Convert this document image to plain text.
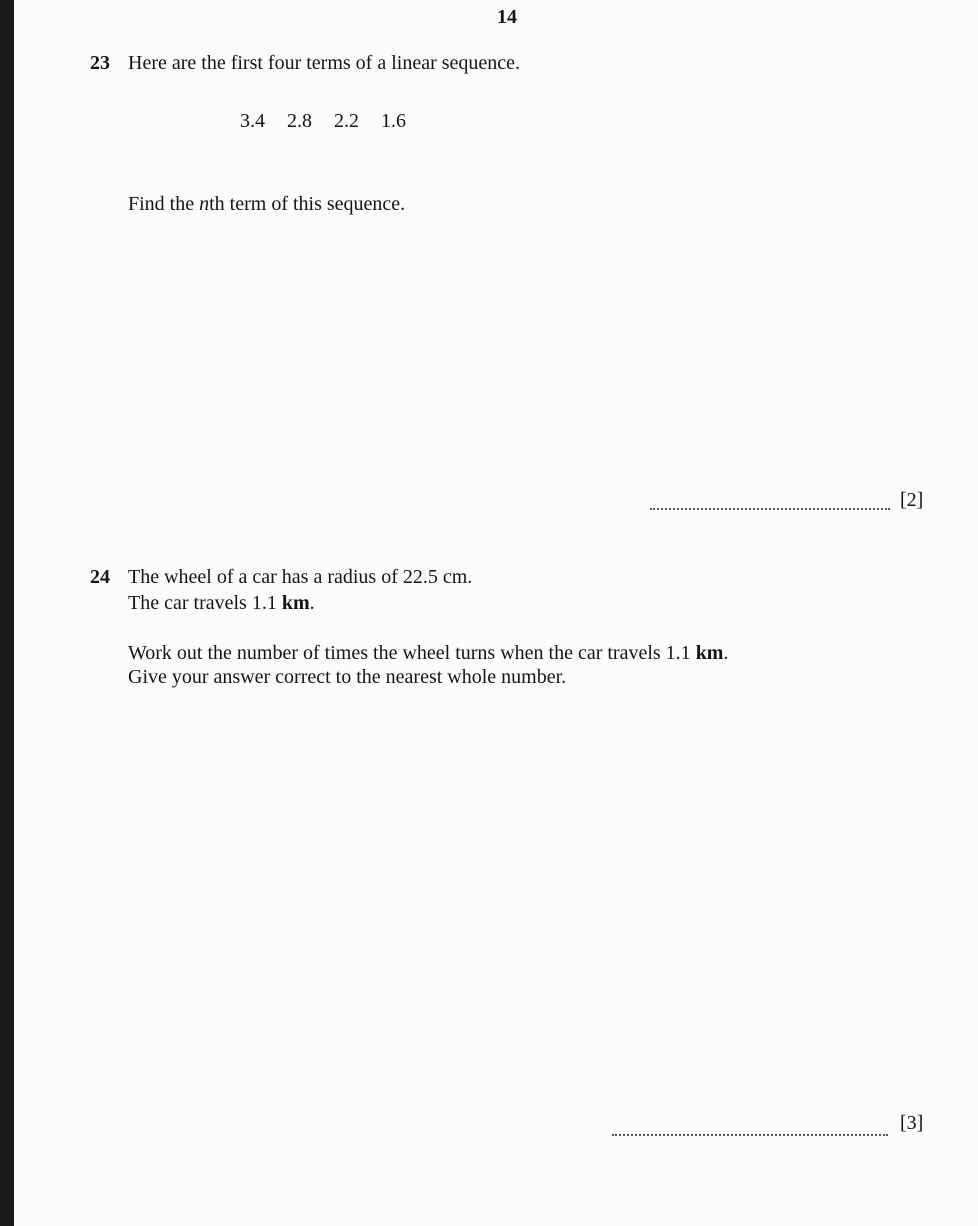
14
23 Here are the first four terms of a linear sequence.
3.4 2.8 2.2 1.6
Find the nth term of this sequence.
[2]
24 The wheel of a car has a radius of 22.5 cm.
The car travels 1.1 km.
Work out the number of times the wheel turns when the car travels 1.1 km.
Give your answer correct to the nearest whole number.
[3]
